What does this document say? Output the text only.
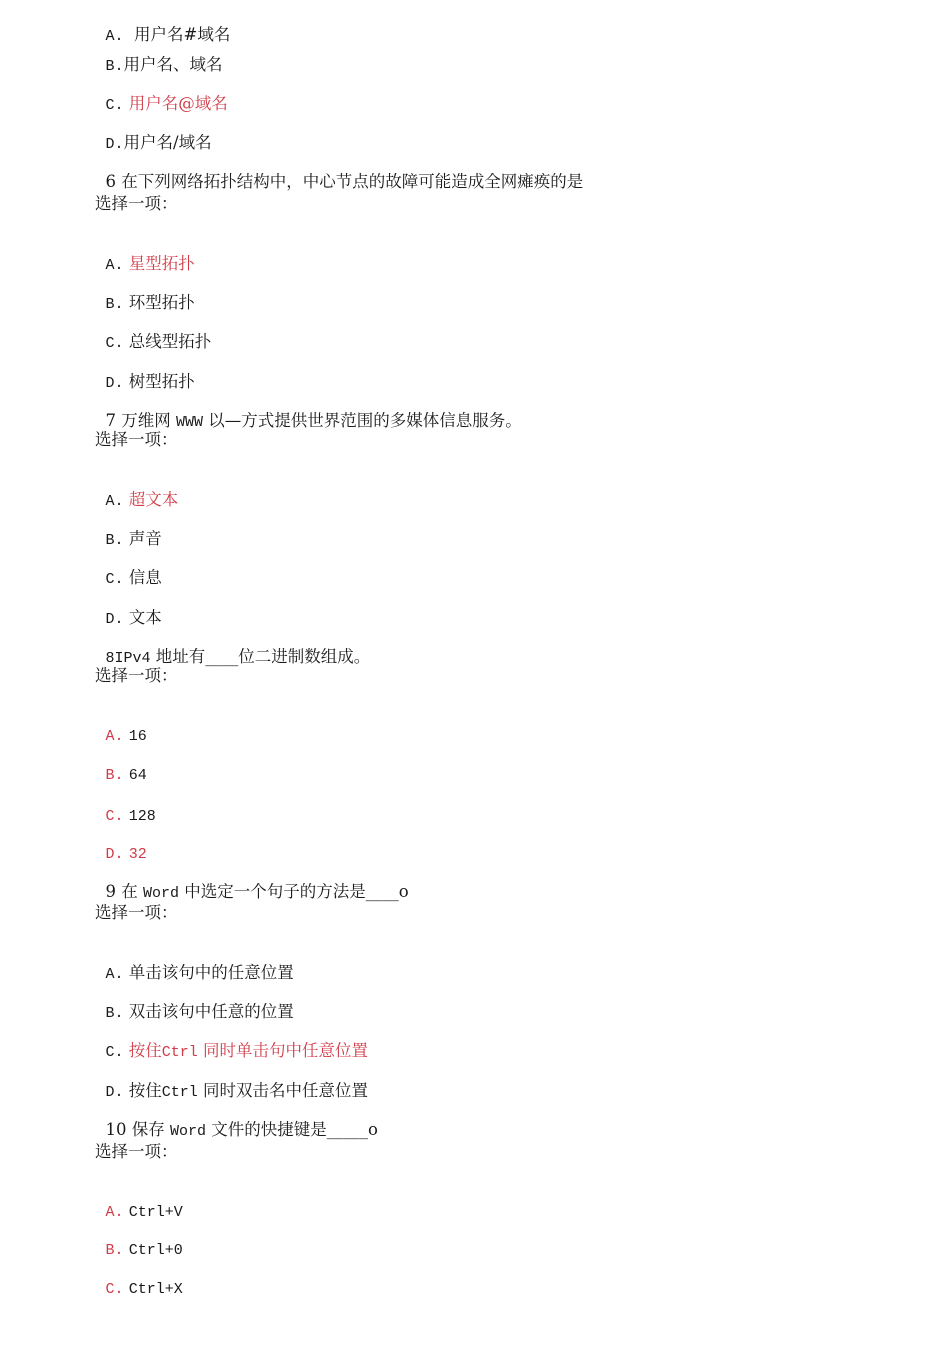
A. 用户名#域名

B.用户名、域名

C. 用户名@域名

D.用户名/域名

6 在下列网络拓扑结构中，中心节点的故障可能造成全网瘫痪的是

选择一项：

A. 星型拓扑

B. 环型拓扑

C. 总线型拓扑

D. 树型拓扑

7 万维网 WWW 以—方式提供世界范围的多媒体信息服务。

选择一项：

A. 超文本

B. 声音

C. 信息

D. 文本

8IPv4 地址有____位二进制数组成。

选择一项：

A. 16

B. 64

C. 128

D. 32

9 在 Word 中选定一个句子的方法是____o

选择一项：

A. 单击该句中的任意位置

B. 双击该句中任意的位置

C. 按住Ctrl 同时单击句中任意位置

D. 按住Ctrl 同时双击名中任意位置

10 保存 Word 文件的快捷键是_____o

选择一项：

A. Ctrl+V

B. Ctrl+0

C. Ctrl+X
